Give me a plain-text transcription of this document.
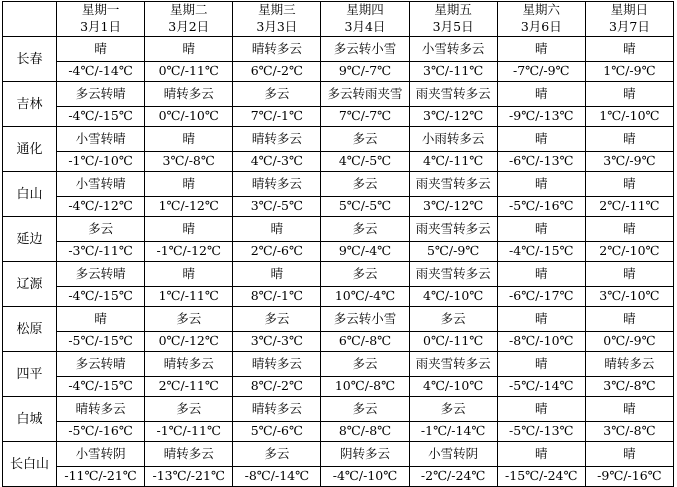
	星期一	星期二	星期三	星期四	星期五	星期六	星期日
	3月1日	3月2日	3月3日	3月4日	3月5日	3月6日	3月7日
长春	晴	晴	晴转多云	多云转小雪	小雪转多云	晴	晴
	-4℃/-14℃	0℃/-11℃	6℃/-2℃	9℃/-7℃	3℃/-11℃	-7℃/-9℃	1℃/-9℃
吉林	多云转晴	晴转多云	多云	多云转雨夹雪	雨夹雪转多云	晴	晴
	-4℃/-15℃	0℃/-10℃	7℃/-1℃	7℃/-7℃	3℃/-12℃	-9℃/-13℃	1℃/-10℃
通化	小雪转晴	晴	晴转多云	多云	小雨转多云	晴	晴
	-1℃/-10℃	3℃/-8℃	4℃/-3℃	4℃/-5℃	4℃/-11℃	-6℃/-13℃	3℃/-9℃
白山	小雪转晴	晴	晴转多云	多云	雨夹雪转多云	晴	晴
	-4℃/-12℃	1℃/-12℃	3℃/-5℃	5℃/-5℃	3℃/-12℃	-5℃/-16℃	2℃/-11℃
延边	多云	晴	晴	多云	雨夹雪转多云	晴	晴
	-3℃/-11℃	-1℃/-12℃	2℃/-6℃	9℃/-4℃	5℃/-9℃	-4℃/-15℃	2℃/-10℃
辽源	多云转晴	晴	晴	多云	雨夹雪转多云	晴	晴
	-4℃/-15℃	1℃/-11℃	8℃/-1℃	10℃/-4℃	4℃/-10℃	-6℃/-17℃	3℃/-10℃
松原	晴	多云	多云	多云转小雪	多云	晴	晴
	-5℃/-15℃	0℃/-12℃	3℃/-3℃	6℃/-8℃	0℃/-11℃	-8℃/-10℃	0℃/-9℃
四平	多云转晴	晴转多云	晴转多云	多云	雨夹雪转多云	晴	晴转多云
	-4℃/-15℃	2℃/-11℃	8℃/-2℃	10℃/-8℃	4℃/-10℃	-5℃/-14℃	3℃/-8℃
白城	晴转多云	多云	晴转多云	多云	多云	晴	晴
	-5℃/-16℃	-1℃/-11℃	5℃/-6℃	8℃/-8℃	-1℃/-14℃	-5℃/-13℃	3℃/-8℃
长白山	小雪转阴	晴转多云	多云	阴转多云	小雪转阴	晴	晴
	-11℃/-21℃	-13℃/-21℃	-8℃/-14℃	-4℃/-10℃	-2℃/-24℃	-15℃/-24℃	-9℃/-16℃
